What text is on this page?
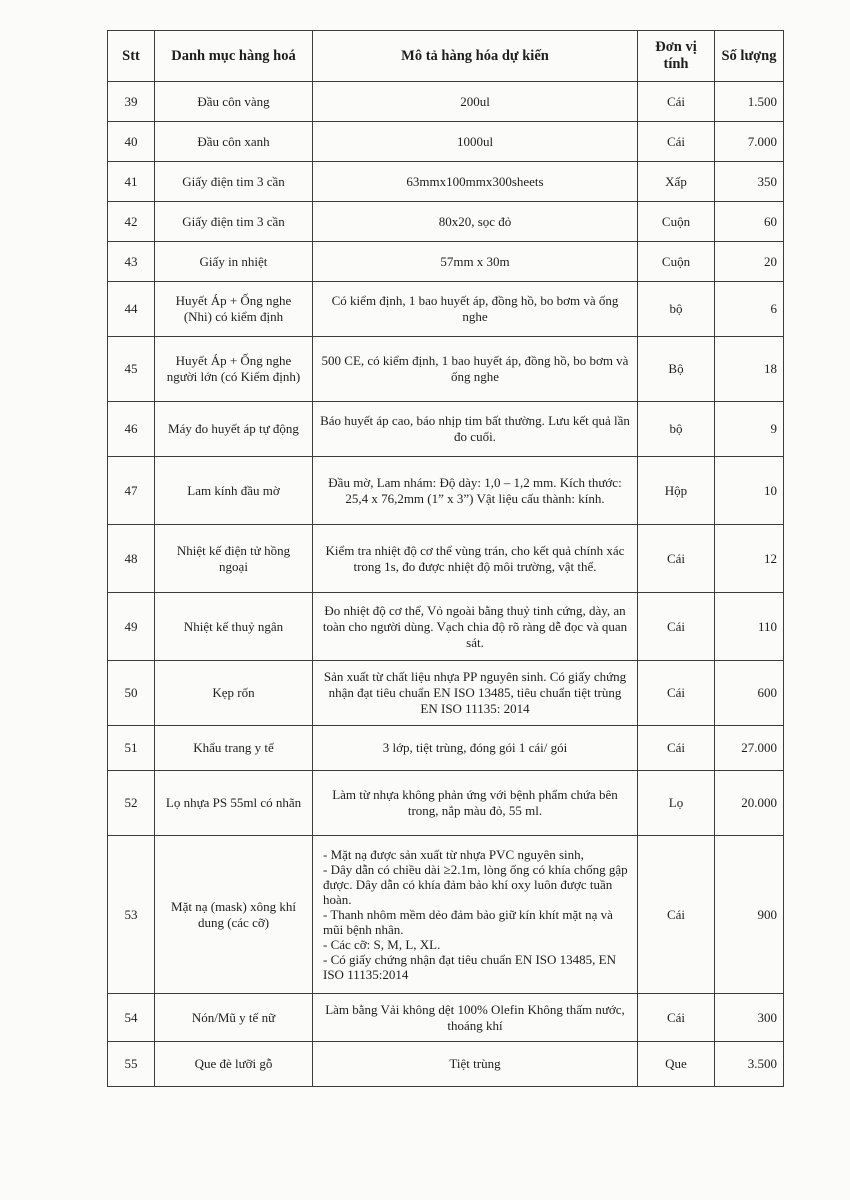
Stt	Danh mục hàng hoá	Mô tả hàng hóa dự kiến	Đơn vị tính	Số lượng
39	Đầu côn vàng	200ul	Cái	1.500
40	Đầu côn xanh	1000ul	Cái	7.000
41	Giấy điện tim 3 cần	63mmx100mmx300sheets	Xấp	350
42	Giấy điện tim 3 cần	80x20, sọc đỏ	Cuộn	60
43	Giấy in nhiệt	57mm x 30m	Cuộn	20
44	Huyết Áp + Ống nghe (Nhi) có kiểm định	Có kiểm định, 1 bao huyết áp, đồng hồ, bo bơm và ống nghe	bộ	6
45	Huyết Áp + Ống nghe người lớn (có Kiểm định)	500 CE, có kiểm định, 1 bao huyết áp, đồng hồ, bo bơm và ống nghe	Bộ	18
46	Máy đo huyết áp tự động	Báo huyết áp cao, báo nhịp tim bất thường. Lưu kết quả lần đo cuối.	bộ	9
47	Lam kính đầu mờ	Đầu mờ, Lam nhám: Độ dày: 1,0 – 1,2 mm. Kích thước: 25,4 x 76,2mm (1” x 3”) Vật liệu cấu thành: kính.	Hộp	10
48	Nhiệt kế điện tử hồng ngoại	Kiểm tra nhiệt độ cơ thể vùng trán, cho kết quả chính xác trong 1s, đo được nhiệt độ môi trường, vật thể.	Cái	12
49	Nhiệt kế thuỷ ngân	Đo nhiệt độ cơ thể, Vỏ ngoài bằng thuỷ tinh cứng, dày, an toàn cho người dùng. Vạch chia độ rõ ràng dễ đọc và quan sát.	Cái	110
50	Kẹp rốn	Sản xuất từ chất liệu nhựa PP nguyên sinh. Có giấy chứng nhận đạt tiêu chuẩn EN ISO 13485, tiêu chuẩn tiệt trùng EN ISO 11135: 2014	Cái	600
51	Khẩu trang y tế	3 lớp, tiệt trùng, đóng gói 1 cái/ gói	Cái	27.000
52	Lọ nhựa PS 55ml có nhãn	Làm từ nhựa không phản ứng với bệnh phẩm chứa bên trong, nắp màu đỏ, 55 ml.	Lọ	20.000
53	Mặt nạ (mask) xông khí dung (các cỡ)	- Mặt nạ được sản xuất từ nhựa PVC nguyên sinh,
- Dây dẫn có chiều dài ≥2.1m, lòng ống có khía chống gập được. Dây dẫn có khía đảm bảo khí oxy luôn được tuần hoàn.
- Thanh nhôm mềm dẻo đảm bảo giữ kín khít mặt nạ và mũi bệnh nhân.
- Các cỡ: S, M, L, XL.
- Có giấy chứng nhận đạt tiêu chuẩn EN ISO 13485, EN ISO 11135:2014	Cái	900
54	Nón/Mũ y tế nữ	Làm bằng Vải không dệt 100% Olefin Không thấm nước, thoáng khí	Cái	300
55	Que đè lưỡi gỗ	Tiệt trùng	Que	3.500
